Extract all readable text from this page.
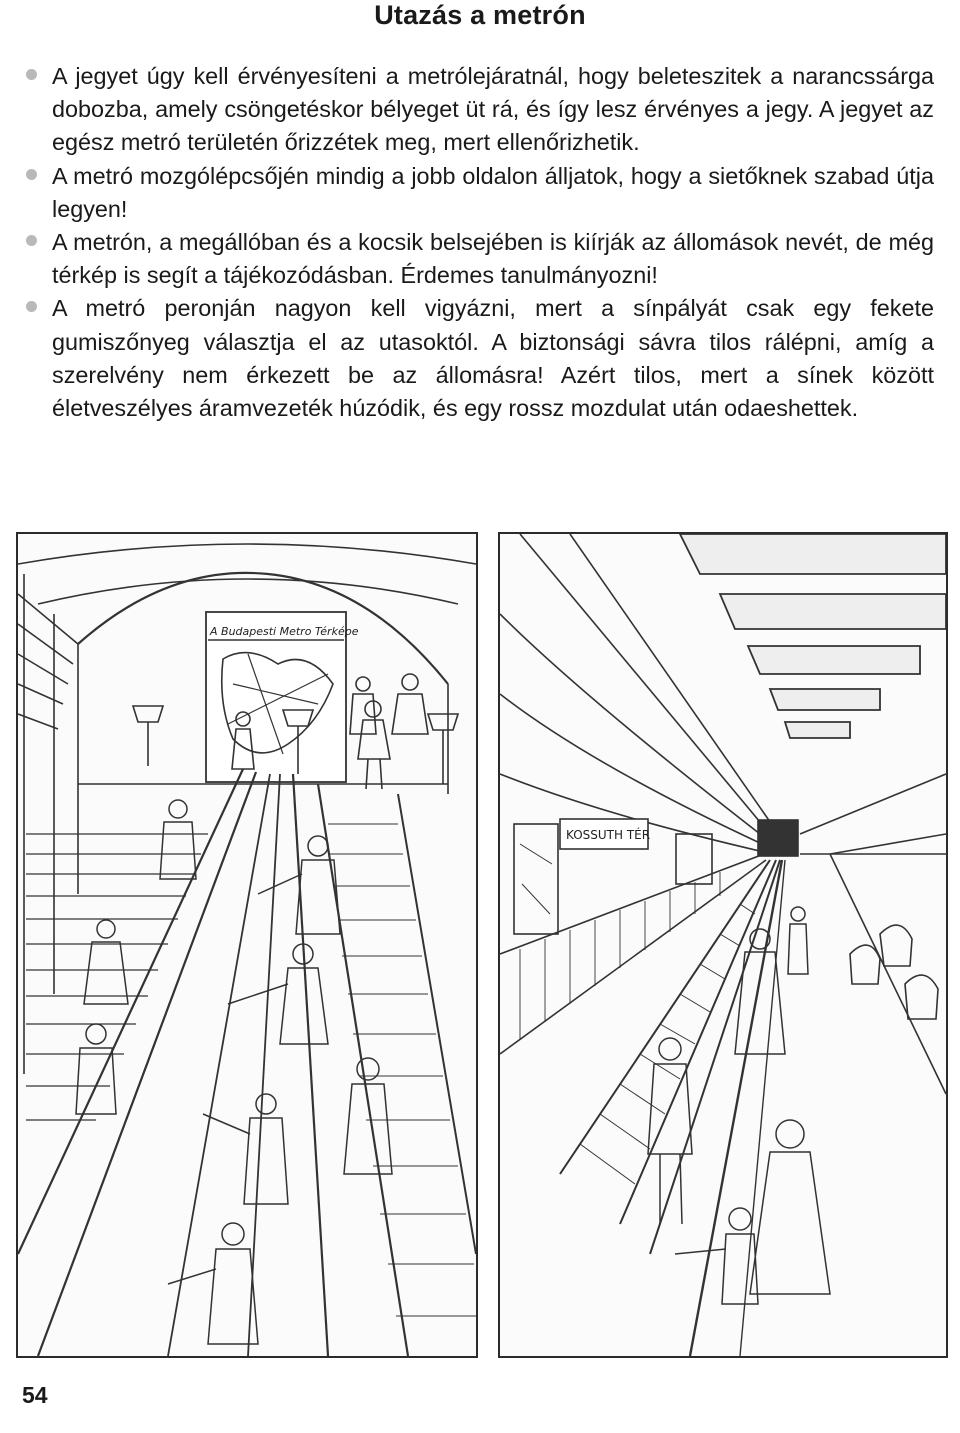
Utazás a metrón
A jegyet úgy kell érvényesíteni a metrólejáratnál, hogy beleteszitek a narancssárga dobozba, amely csöngetéskor bélyeget üt rá, és így lesz érvényes a jegy. A jegyet az egész metró területén őrizzétek meg, mert ellenőrizhetik.
A metró mozgólépcsőjén mindig a jobb oldalon álljatok, hogy a sietőknek szabad útja legyen!
A metrón, a megállóban és a kocsik belsejében is kiírják az állomások nevét, de még térkép is segít a tájékozódásban. Érdemes tanulmányozni!
A metró peronján nagyon kell vigyázni, mert a sínpályát csak egy fekete gumiszőnyeg választja el az utasoktól. A biztonsági sávra tilos rálépni, amíg a szerelvény nem érkezett be az állomásra! Azért tilos, mert a sínek között életveszélyes áramvezeték húzódik, és egy rossz mozdulat után odaeshettek.
A Budapesti Metro Térképe
KOSSUTH TÉR
54
